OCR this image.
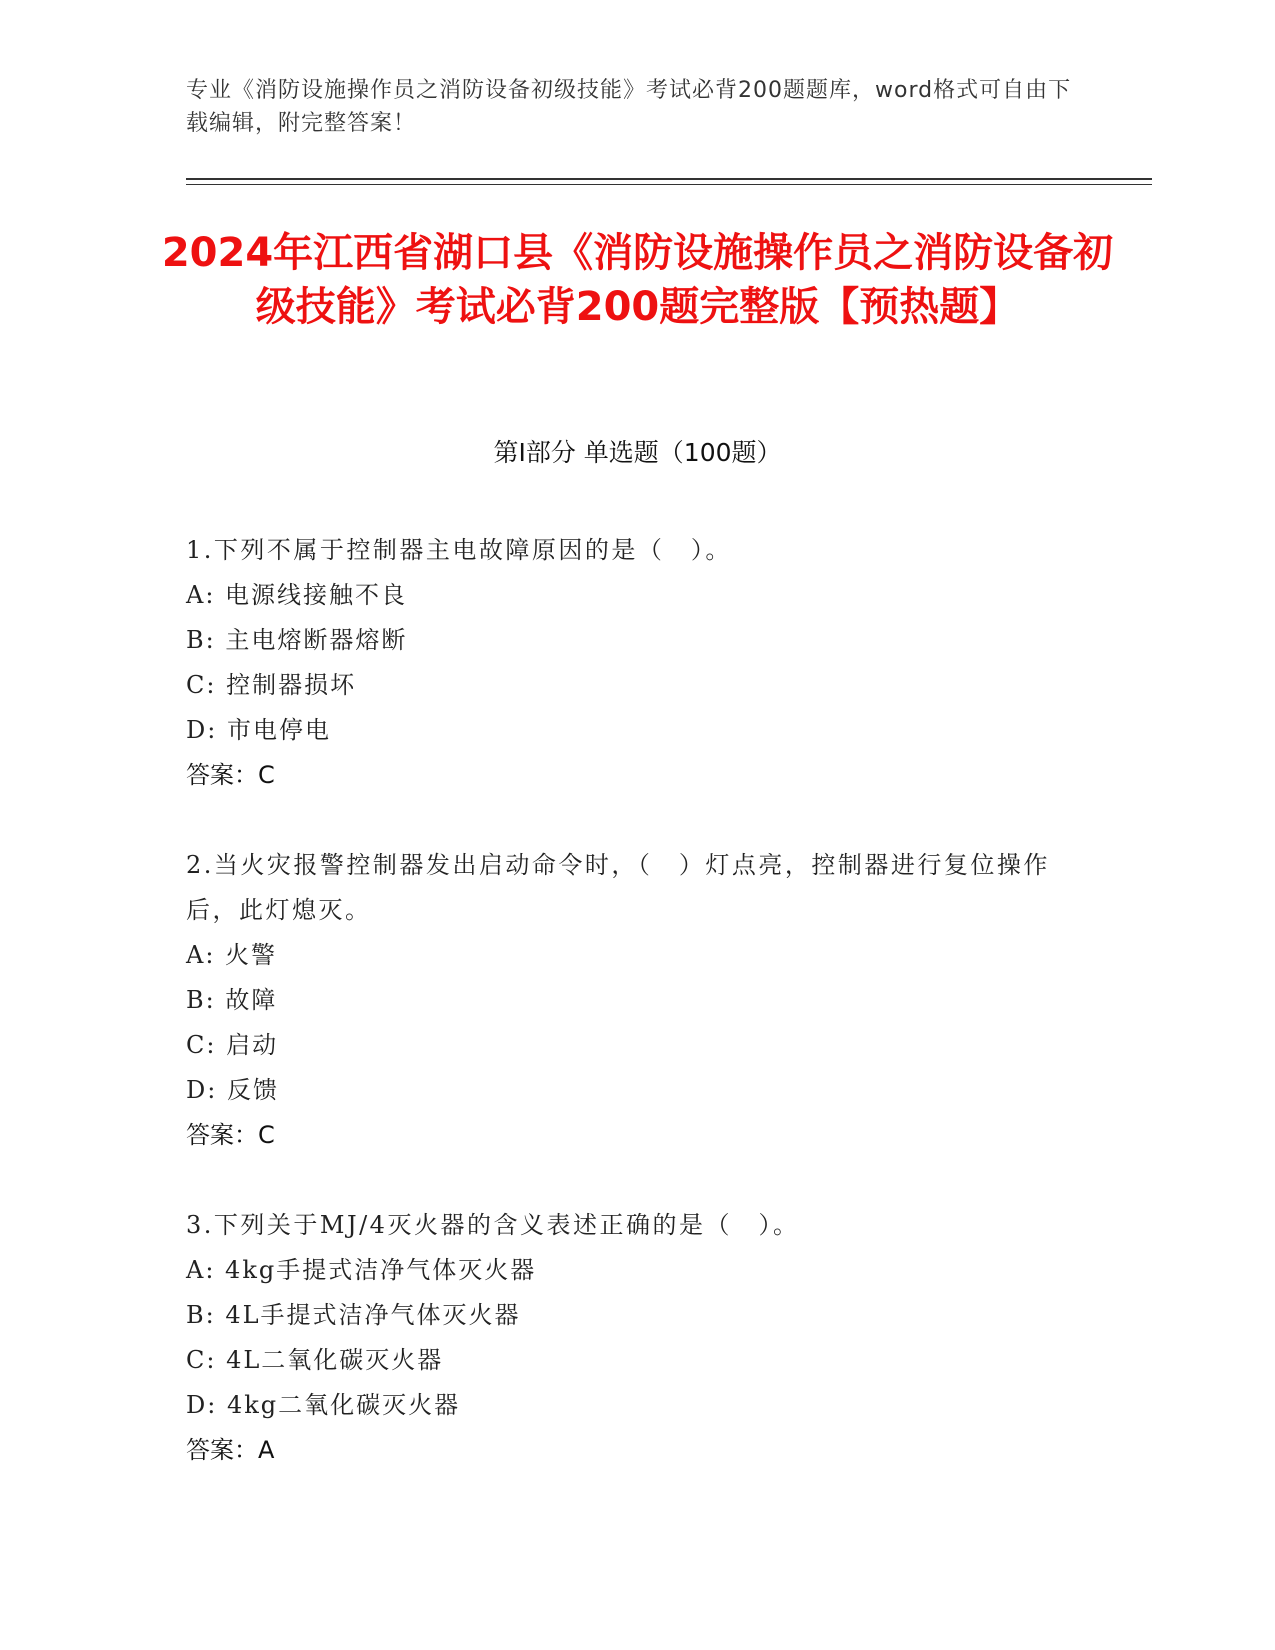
专业《消防设施操作员之消防设备初级技能》考试必背200题题库，word格式可自由下载编辑，附完整答案！
2024年江西省湖口县《消防设施操作员之消防设备初级技能》考试必背200题完整版【预热题】
第I部分 单选题（100题）

1.下列不属于控制器主电故障原因的是（　）。

A: 电源线接触不良

B: 主电熔断器熔断

C: 控制器损坏

D: 市电停电

答案：C

2.当火灾报警控制器发出启动命令时，（　）灯点亮，控制器进行复位操作后，此灯熄灭。

A: 火警

B: 故障

C: 启动

D: 反馈

答案：C

3.下列关于MJ/4灭火器的含义表述正确的是（　）。

A: 4kg手提式洁净气体灭火器

B: 4L手提式洁净气体灭火器

C: 4L二氧化碳灭火器

D: 4kg二氧化碳灭火器

答案：A
